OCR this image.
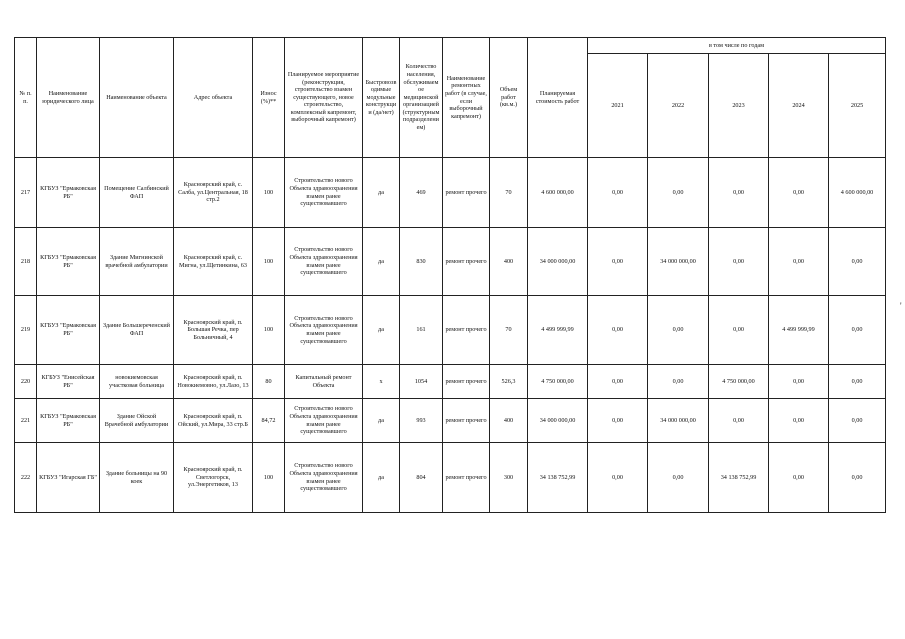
№ п. п.	Наименование юридического лица	Наименование объекта	Адрес объекта	Износ (%)**	Планируемое мероприятие (реконструкция, строительство взамен существующего, новое строительство, комплексный капремонт, выборочный капремонт)	Быстровозводимые модульные конструкции (да/нет)	Количество населения, обслуживаемое медицинской организацией (структурным подразделением)	Наименование ремонтных работ (в случае, если выборочный капремонт)	Объем работ (кв.м.)	Планируемая стоимость работ	в том числе по годам				
											2021	2022	2023	2024	2025
217	КГБУЗ "Ермаковская РБ"	Помещение Салбинский ФАП	Красноярский край, с. Салба, ул.Центральная, 18 стр.2	100	Строительство нового Объекта здравоохранения взамен ранее существовавшего	да	469	ремонт прочего	70	4 600 000,00	0,00	0,00	0,00	0,00	4 600 000,00
218	КГБУЗ "Ермаковская РБ"	Здание Мигнинской врачебной амбулатории	Красноярский край, с. Мигна, ул.Щетинкина, 63	100	Строительство нового Объекта здравоохранения взамен ранее существовавшего	да	830	ремонт прочего	400	34 000 000,00	0,00	34 000 000,00	0,00	0,00	0,00
219	КГБУЗ "Ермаковская РБ"	Здание Большереченский ФАП	Красноярский край, п. Большая Речка, пер Больничный, 4	100	Строительство нового Объекта здравоохранения взамен ранее существовавшего	да	161	ремонт прочего	70	4 499 999,99	0,00	0,00	0,00	4 499 999,99	0,00
220	КГБУЗ "Енисейская РБ"	новокиемовская участковая больница	Красноярский край, п. Новокиемовно, ул.Лазо, 13	80	Капитальный ремонт Объекта	х	1054	ремонт прочего	526,3	4 750 000,00	0,00	0,00	4 750 000,00	0,00	0,00
221	КГБУЗ "Ермаковская РБ"	Здание Ойской Врачебной амбулатории	Красноярский край, п. Ойский, ул.Мира, 33 стр.Б	84,72	Строительство нового Объекта здравоохранения взамен ранее существовавшего	да	993	ремонт прочего	400	34 000 000,00	0,00	34 000 000,00	0,00	0,00	0,00
222	КГБУЗ "Игарская ГБ"	Здание больницы на 90 коек	Красноярский край, п. Светлогорск, ул.Энергетиков, 13	100	Строительство нового Объекта здравоохранения взамен ранее существовавшего	да	804	ремонт прочего	300	34 138 752,99	0,00	0,00	34 138 752,99	0,00	0,00
'
